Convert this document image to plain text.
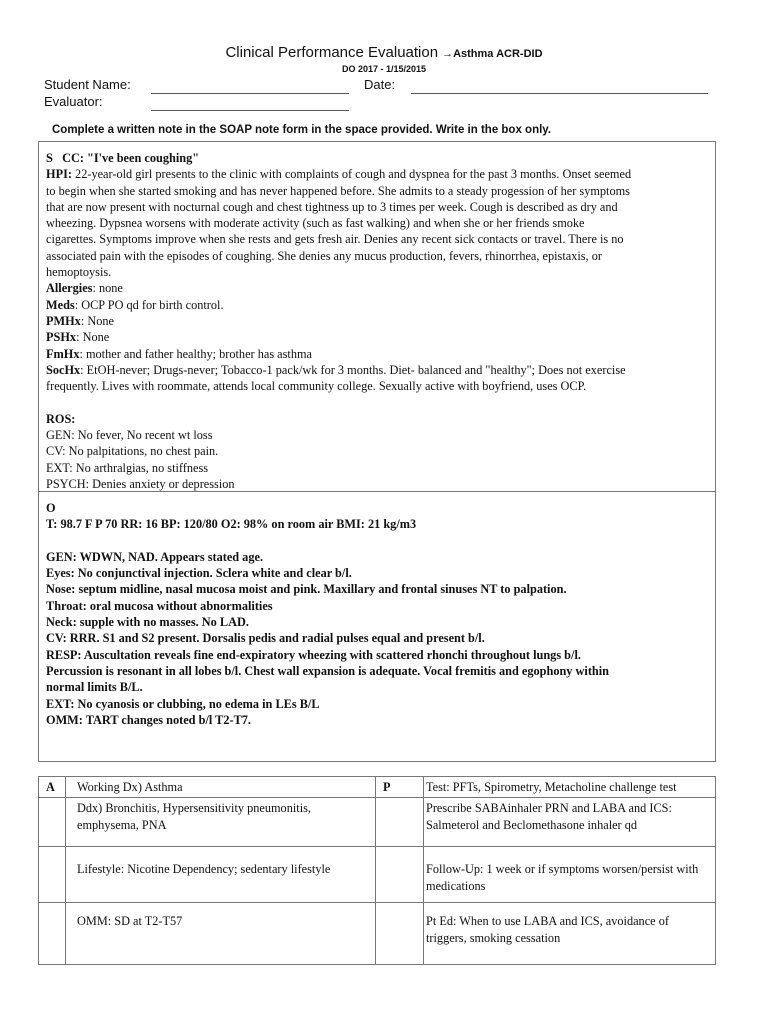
Clinical Performance Evaluation →Asthma ACR-DID
DO 2017 - 1/15/2015
Student Name:	Date:
Evaluator:
Complete a written note in the SOAP note form in the space provided. Write in the box only.
S CC: "I've been coughing"
HPI: 22-year-old girl presents to the clinic with complaints of cough and dyspnea for the past 3 months. Onset seemed
to begin when she started smoking and has never happened before. She admits to a steady progession of her symptoms
that are now present with nocturnal cough and chest tightness up to 3 times per week. Cough is described as dry and
wheezing. Dypsnea worsens with moderate activity (such as fast walking) and when she or her friends smoke
cigarettes. Symptoms improve when she rests and gets fresh air. Denies any recent sick contacts or travel. There is no
associated pain with the episodes of coughing. She denies any mucus production, fevers, rhinorrhea, epistaxis, or
hemoptoysis.
Allergies: none
Meds: OCP PO qd for birth control.
PMHx: None
PSHx: None
FmHx: mother and father healthy; brother has asthma
SocHx: EtOH-never; Drugs-never; Tobacco-1 pack/wk for 3 months. Diet- balanced and "healthy"; Does not exercise
frequently. Lives with roommate, attends local community college. Sexually active with boyfriend, uses OCP.
ROS:
GEN: No fever, No recent wt loss
CV: No palpitations, no chest pain.
EXT: No arthralgias, no stiffness
PSYCH: Denies anxiety or depression
O
T: 98.7 F P 70 RR: 16 BP: 120/80 O2: 98% on room air BMI: 21 kg/m3
GEN: WDWN, NAD. Appears stated age.
Eyes: No conjunctival injection. Sclera white and clear b/l.
Nose: septum midline, nasal mucosa moist and pink. Maxillary and frontal sinuses NT to palpation.
Throat: oral mucosa without abnormalities
Neck: supple with no masses. No LAD.
CV: RRR. S1 and S2 present. Dorsalis pedis and radial pulses equal and present b/l.
RESP: Auscultation reveals fine end-expiratory wheezing with scattered rhonchi throughout lungs b/l.
Percussion is resonant in all lobes b/l. Chest wall expansion is adequate. Vocal fremitis and egophony within
normal limits B/L.
EXT: No cyanosis or clubbing, no edema in LEs B/L
OMM: TART changes noted b/l T2-T7.
A	Working Dx) Asthma	P	Test: PFTs, Spirometry, Metacholine challenge test
	Ddx) Bronchitis, Hypersensitivity pneumonitis, emphysema, PNA		Prescribe SABAinhaler PRN and LABA and ICS: Salmeterol and Beclomethasone inhaler qd
	Lifestyle: Nicotine Dependency; sedentary lifestyle		Follow-Up: 1 week or if symptoms worsen/persist with medications
	OMM: SD at T2-T57		Pt Ed: When to use LABA and ICS, avoidance of triggers, smoking cessation
